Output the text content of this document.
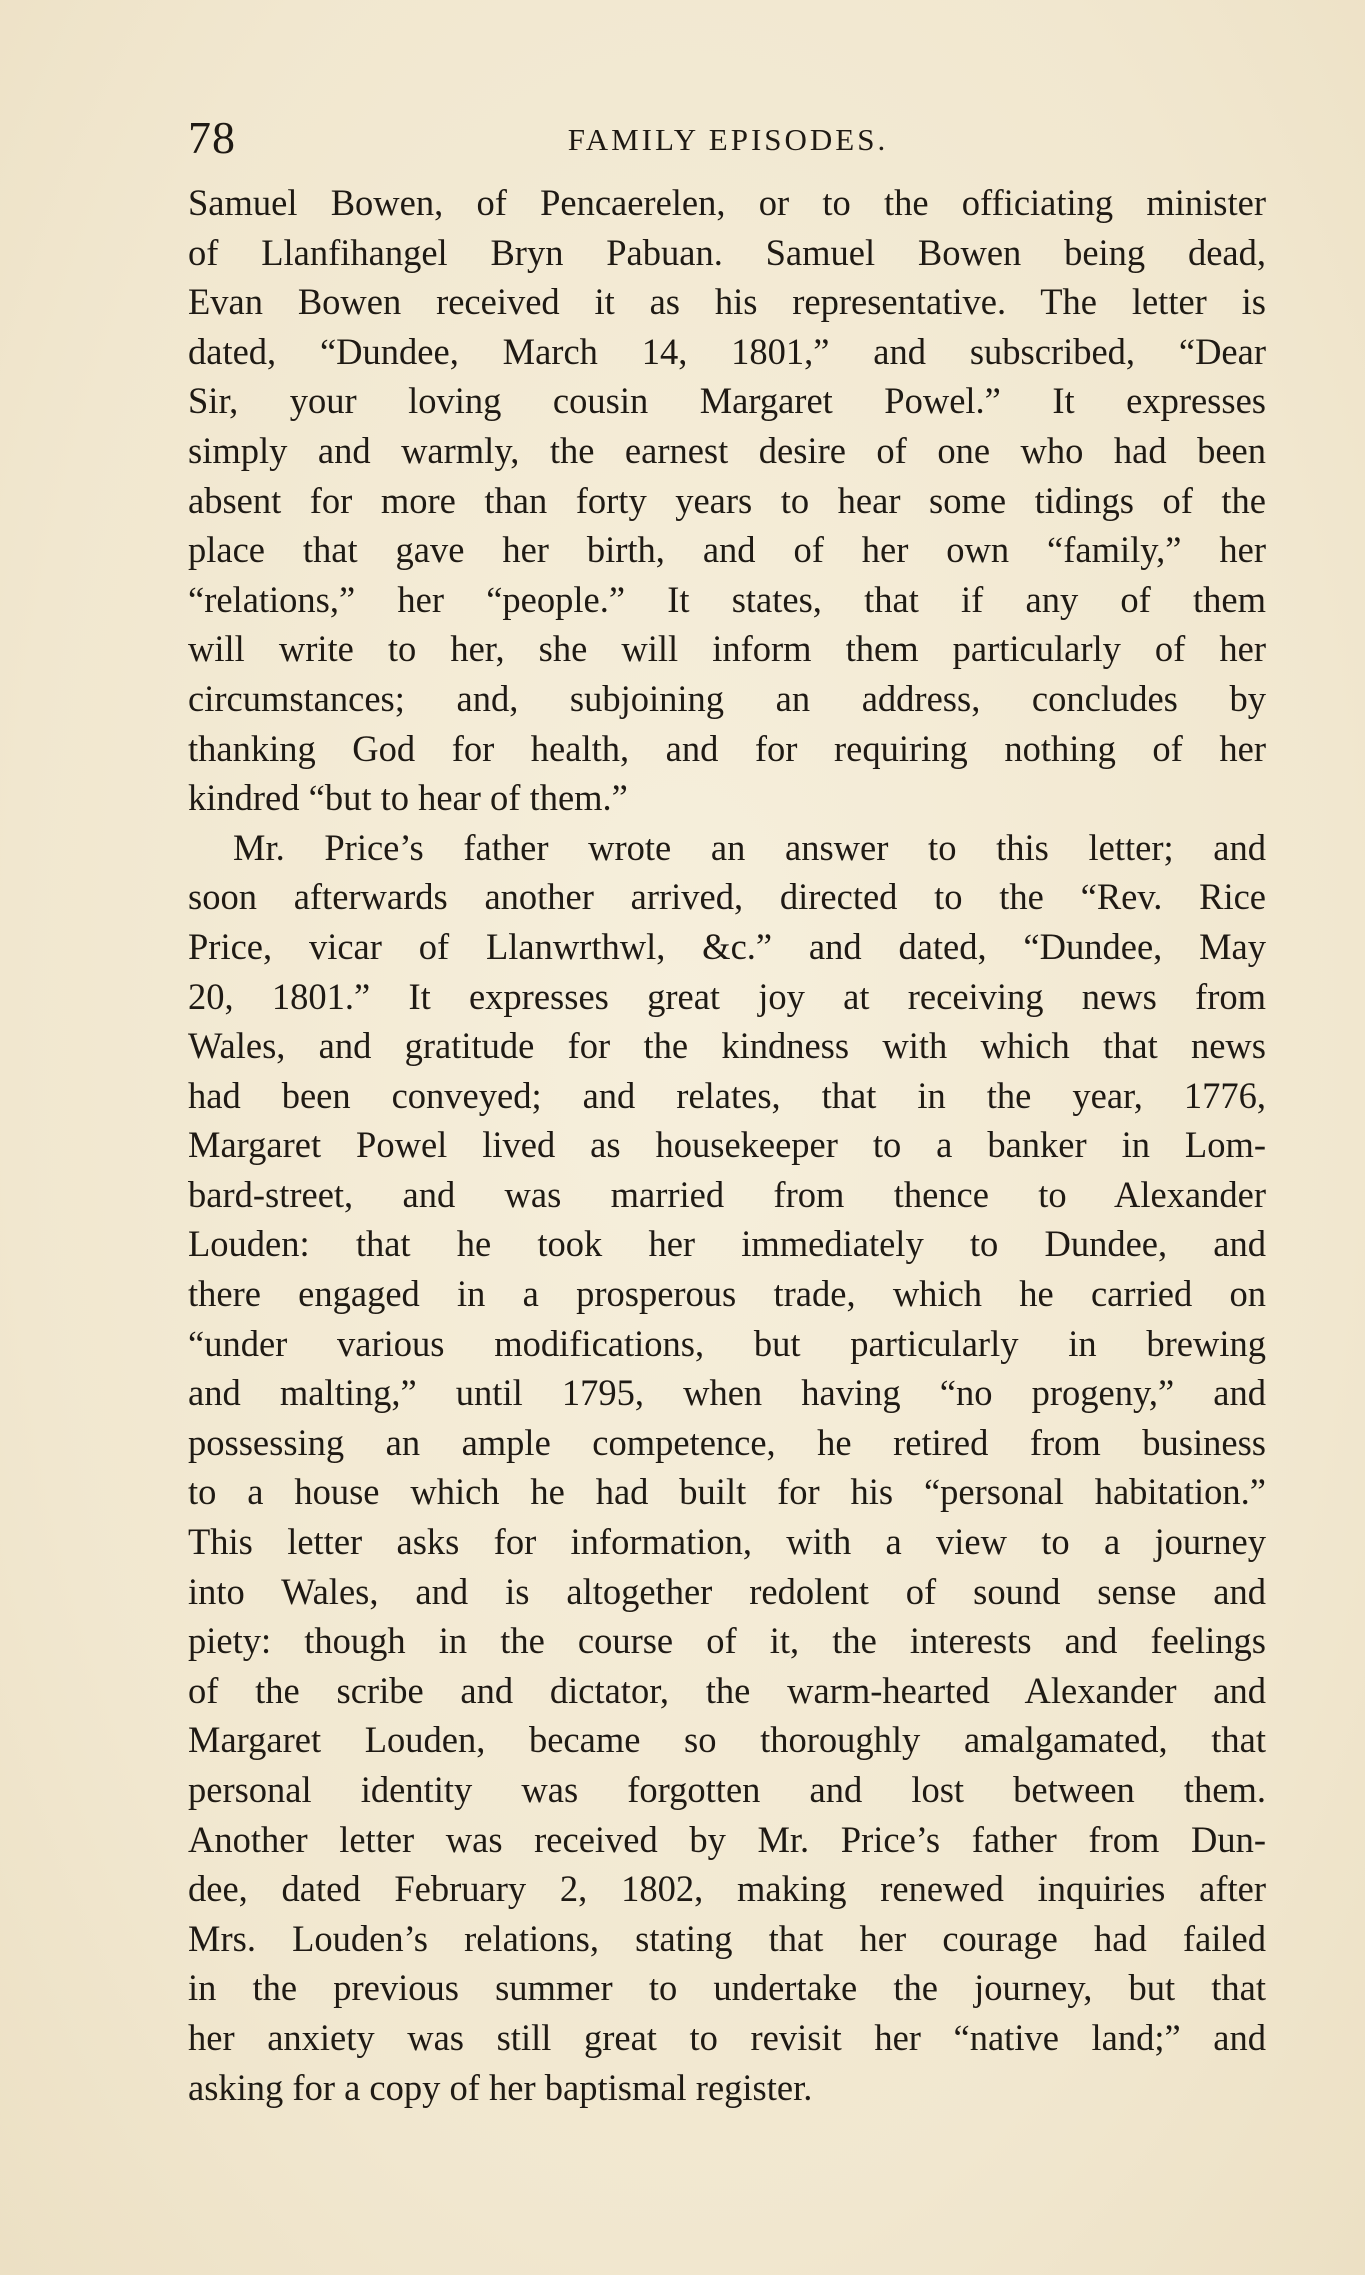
78	FAMILY EPISODES.
Samuel Bowen, of Pencaerelen, or to the officiating minister
of Llanfihangel Bryn Pabuan. Samuel Bowen being dead,
Evan Bowen received it as his representative. The letter is
dated, “Dundee, March 14, 1801,” and subscribed, “Dear
Sir, your loving cousin Margaret Powel.” It expresses
simply and warmly, the earnest desire of one who had been
absent for more than forty years to hear some tidings of the
place that gave her birth, and of her own “family,” her
“relations,” her “people.” It states, that if any of them
will write to her, she will inform them particularly of her
circumstances; and, subjoining an address, concludes by
thanking God for health, and for requiring nothing of her
kindred “but to hear of them.”
Mr. Price’s father wrote an answer to this letter; and
soon afterwards another arrived, directed to the “Rev. Rice
Price, vicar of Llanwrthwl, &c.” and dated, “Dundee, May
20, 1801.” It expresses great joy at receiving news from
Wales, and gratitude for the kindness with which that news
had been conveyed; and relates, that in the year, 1776,
Margaret Powel lived as housekeeper to a banker in Lom-
bard-street, and was married from thence to Alexander
Louden: that he took her immediately to Dundee, and
there engaged in a prosperous trade, which he carried on
“under various modifications, but particularly in brewing
and malting,” until 1795, when having “no progeny,” and
possessing an ample competence, he retired from business
to a house which he had built for his “personal habitation.”
This letter asks for information, with a view to a journey
into Wales, and is altogether redolent of sound sense and
piety: though in the course of it, the interests and feelings
of the scribe and dictator, the warm-hearted Alexander and
Margaret Louden, became so thoroughly amalgamated, that
personal identity was forgotten and lost between them.
Another letter was received by Mr. Price’s father from Dun-
dee, dated February 2, 1802, making renewed inquiries after
Mrs. Louden’s relations, stating that her courage had failed
in the previous summer to undertake the journey, but that
her anxiety was still great to revisit her “native land;” and
asking for a copy of her baptismal register.
